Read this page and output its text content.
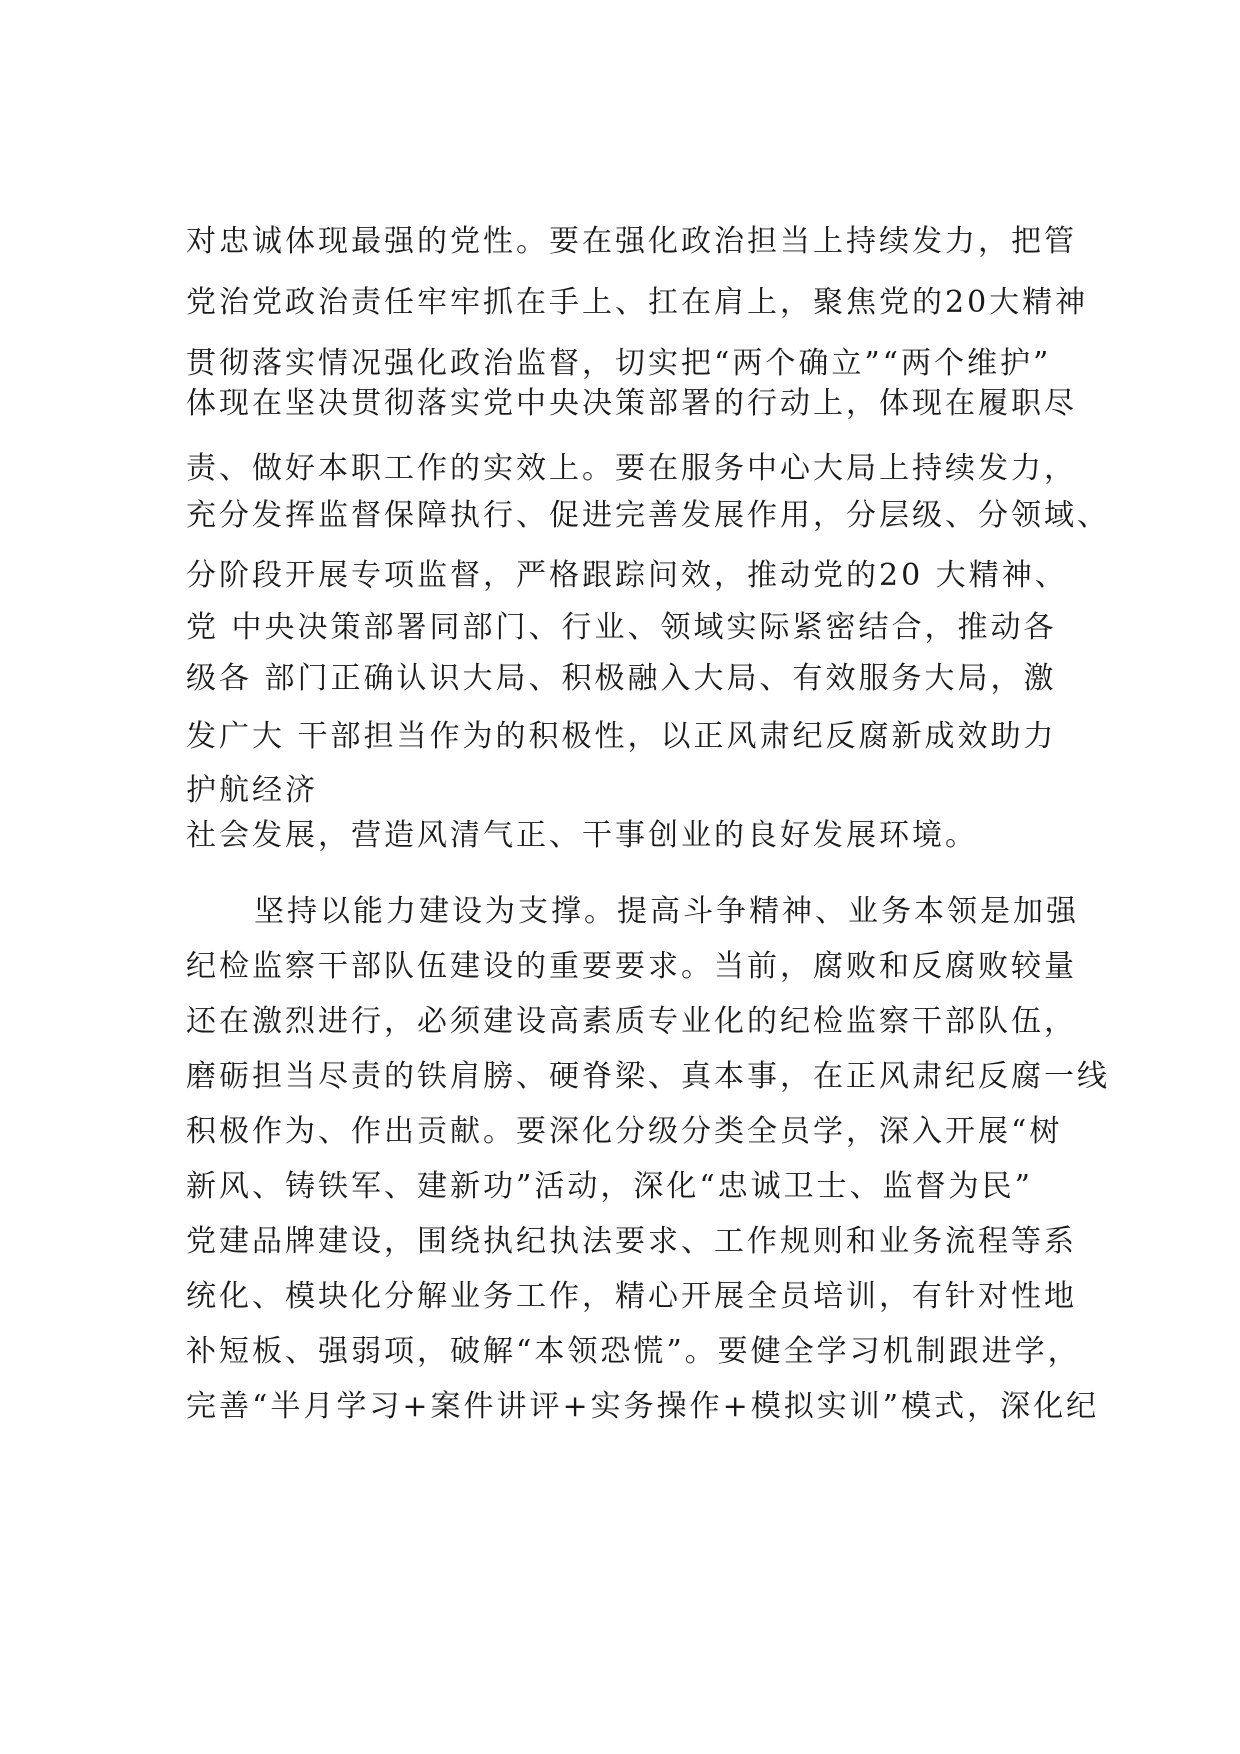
对忠诚体现最强的党性。要在强化政治担当上持续发力，把管
党治党政治责任牢牢抓在手上、扛在肩上，聚焦党的20大精神
贯彻落实情况强化政治监督，切实把“两个确立”“两个维护”
体现在坚决贯彻落实党中央决策部署的行动上，体现在履职尽
责、做好本职工作的实效上。要在服务中心大局上持续发力，
充分发挥监督保障执行、促进完善发展作用，分层级、分领域、
分阶段开展专项监督，严格跟踪问效，推动党的20 大精神、
党 中央决策部署同部门、行业、领域实际紧密结合，推动各
级各 部门正确认识大局、积极融入大局、有效服务大局，激
发广大 干部担当作为的积极性，以正风肃纪反腐新成效助力
护航经济
社会发展，营造风清气正、干事创业的良好发展环境。
坚持以能力建设为支撑。提高斗争精神、业务本领是加强
纪检监察干部队伍建设的重要要求。当前，腐败和反腐败较量
还在激烈进行，必须建设高素质专业化的纪检监察干部队伍，
磨砺担当尽责的铁肩膀、硬脊梁、真本事，在正风肃纪反腐一线
积极作为、作出贡献。要深化分级分类全员学，深入开展“树
新风、铸铁军、建新功”活动，深化“忠诚卫士、监督为民”
党建品牌建设，围绕执纪执法要求、工作规则和业务流程等系
统化、模块化分解业务工作，精心开展全员培训，有针对性地
补短板、强弱项，破解“本领恐慌”。要健全学习机制跟进学，
完善“半月学习+案件讲评+实务操作+模拟实训”模式，深化纪
